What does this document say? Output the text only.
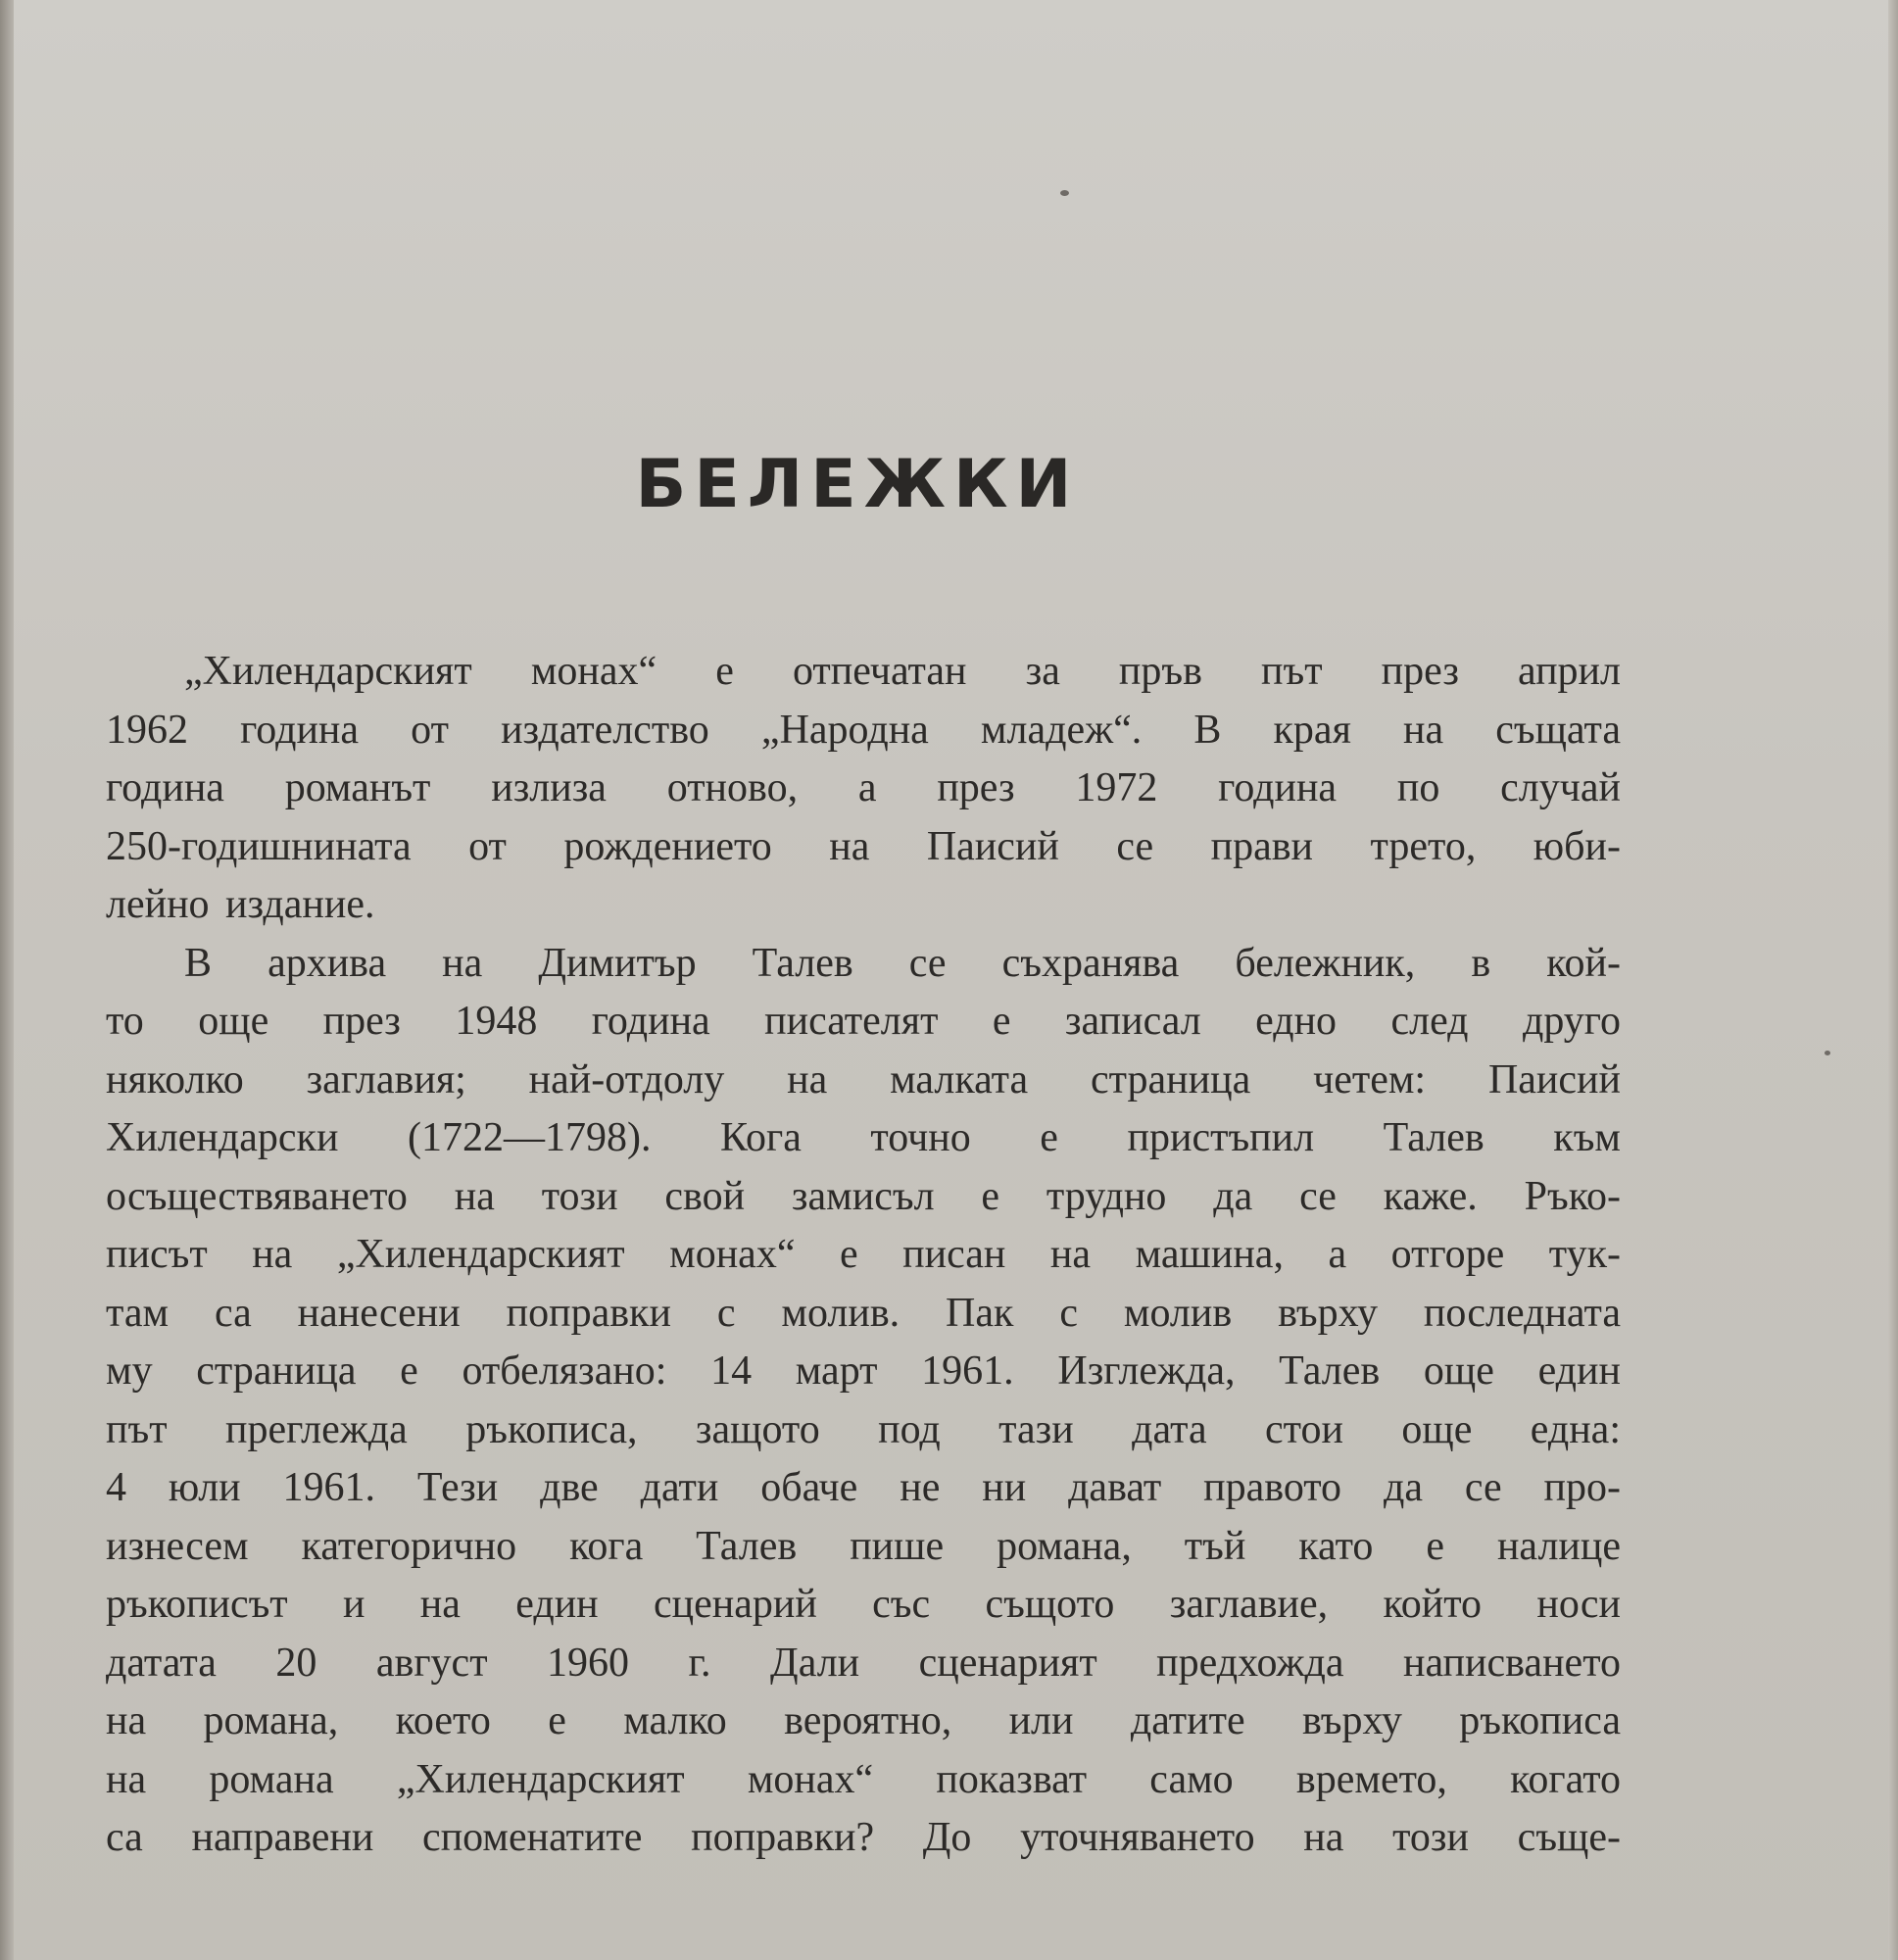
БЕЛЕЖКИ

„Хилендарският монах“ е отпечатан за пръв път през април
1962 година от издателство „Народна младеж“. В края на същата
година романът излиза отново, а през 1972 година по случай
250-годишнината от рождението на Паисий се прави трето, юби-
лейно издание.

В архива на Димитър Талев се съхранява бележник, в кой-
то още през 1948 година писателят е записал едно след друго
няколко заглавия; най-отдолу на малката страница четем: Паисий
Хилендарски (1722—1798). Кога точно е пристъпил Талев към
осъществяването на този свой замисъл е трудно да се каже. Ръко-
писът на „Хилендарският монах“ е писан на машина, а отгоре тук-
там са нанесени поправки с молив. Пак с молив върху последната
му страница е отбелязано: 14 март 1961. Изглежда, Талев още един
път преглежда ръкописа, защото под тази дата стои още една:
4 юли 1961. Тези две дати обаче не ни дават правото да се про-
изнесем категорично кога Талев пише романа, тъй като е налице
ръкописът и на един сценарий със същото заглавие, който носи
датата 20 август 1960 г. Дали сценарият предхожда написването
на романа, което е малко вероятно, или датите върху ръкописа
на романа „Хилендарският монах“ показват само времето, когато
са направени споменатите поправки? До уточняването на този съще-
